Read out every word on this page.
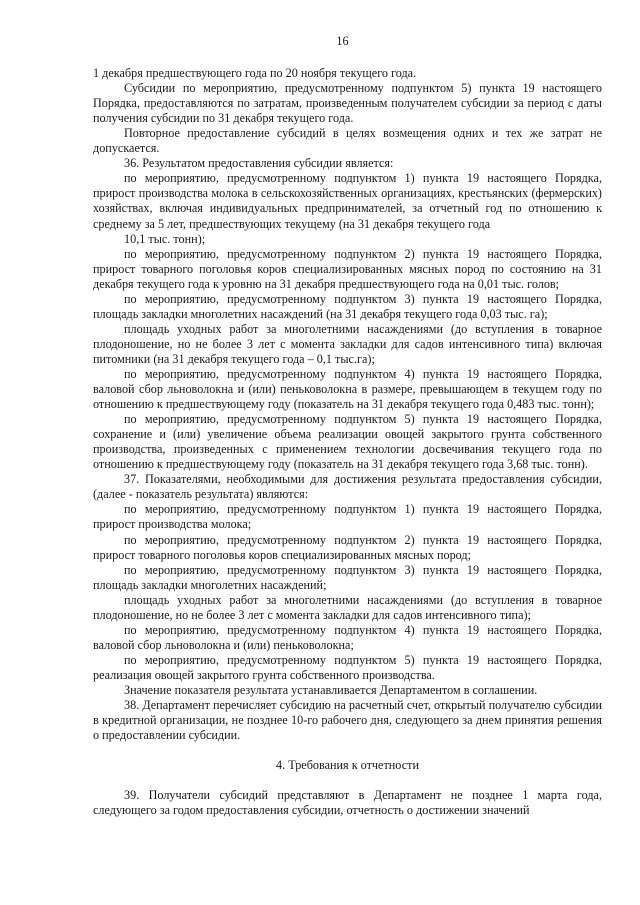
16

1 декабря предшествующего года по 20 ноября текущего года.

Субсидии по мероприятию, предусмотренному подпунктом 5) пункта 19 настоящего Порядка, предоставляются по затратам, произведенным получателем субсидии за период с даты получения субсидии по 31 декабря текущего года.

Повторное предоставление субсидий в целях возмещения одних и тех же затрат не допускается.

36. Результатом предоставления субсидии является:

по мероприятию, предусмотренному подпунктом 1) пункта 19 настоящего Порядка, прирост производства молока в сельскохозяйственных организациях, крестьянских (фермерских) хозяйствах, включая индивидуальных предпринимателей, за отчетный год по отношению к среднему за 5 лет, предшествующих текущему (на 31 декабря текущего года

10,1 тыс. тонн);

по мероприятию, предусмотренному подпунктом 2) пункта 19 настоящего Порядка, прирост товарного поголовья коров специализированных мясных пород по состоянию на 31 декабря текущего года к уровню на 31 декабря предшествующего года на 0,01 тыс. голов;

по мероприятию, предусмотренному подпунктом 3) пункта 19 настоящего Порядка, площадь закладки многолетних насаждений (на 31 декабря текущего года 0,03 тыс. га);

площадь уходных работ за многолетними насаждениями (до вступления в товарное плодоношение, но не более 3 лет с момента закладки для садов интенсивного типа) включая питомники (на 31 декабря текущего года – 0,1 тыс.га);

по мероприятию, предусмотренному подпунктом 4) пункта 19 настоящего Порядка, валовой сбор льноволокна и (или) пеньковолокна в размере, превышающем в текущем году по отношению к предшествующему году (показатель на 31 декабря текущего года 0,483 тыс. тонн);

по мероприятию, предусмотренному подпунктом 5) пункта 19 настоящего Порядка, сохранение и (или) увеличение объема реализации овощей закрытого грунта собственного производства, произведенных с применением технологии досвечивания текущего года по отношению к предшествующему году (показатель на 31 декабря текущего года 3,68 тыс. тонн).

37. Показателями, необходимыми для достижения результата предоставления субсидии, (далее - показатель результата) являются:

по мероприятию, предусмотренному подпунктом 1) пункта 19 настоящего Порядка, прирост производства молока;

по мероприятию, предусмотренному подпунктом 2) пункта 19 настоящего Порядка, прирост товарного поголовья коров специализированных мясных пород;

по мероприятию, предусмотренному подпунктом 3) пункта 19 настоящего Порядка, площадь закладки многолетних насаждений;

площадь уходных работ за многолетними насаждениями (до вступления в товарное плодоношение, но не более 3 лет с момента закладки для садов интенсивного типа);

по мероприятию, предусмотренному подпунктом 4) пункта 19 настоящего Порядка, валовой сбор льноволокна и (или) пеньковолокна;

по мероприятию, предусмотренному подпунктом 5) пункта 19 настоящего Порядка, реализация овощей закрытого грунта собственного производства.

Значение показателя результата устанавливается Департаментом в соглашении.

38. Департамент перечисляет субсидию на расчетный счет, открытый получателю субсидии в кредитной организации, не позднее 10-го рабочего дня, следующего за днем принятия решения о предоставлении субсидии.

4. Требования к отчетности

39. Получатели субсидий представляют в Департамент не позднее 1 марта года, следующего за годом предоставления субсидии, отчетность о достижении значений
